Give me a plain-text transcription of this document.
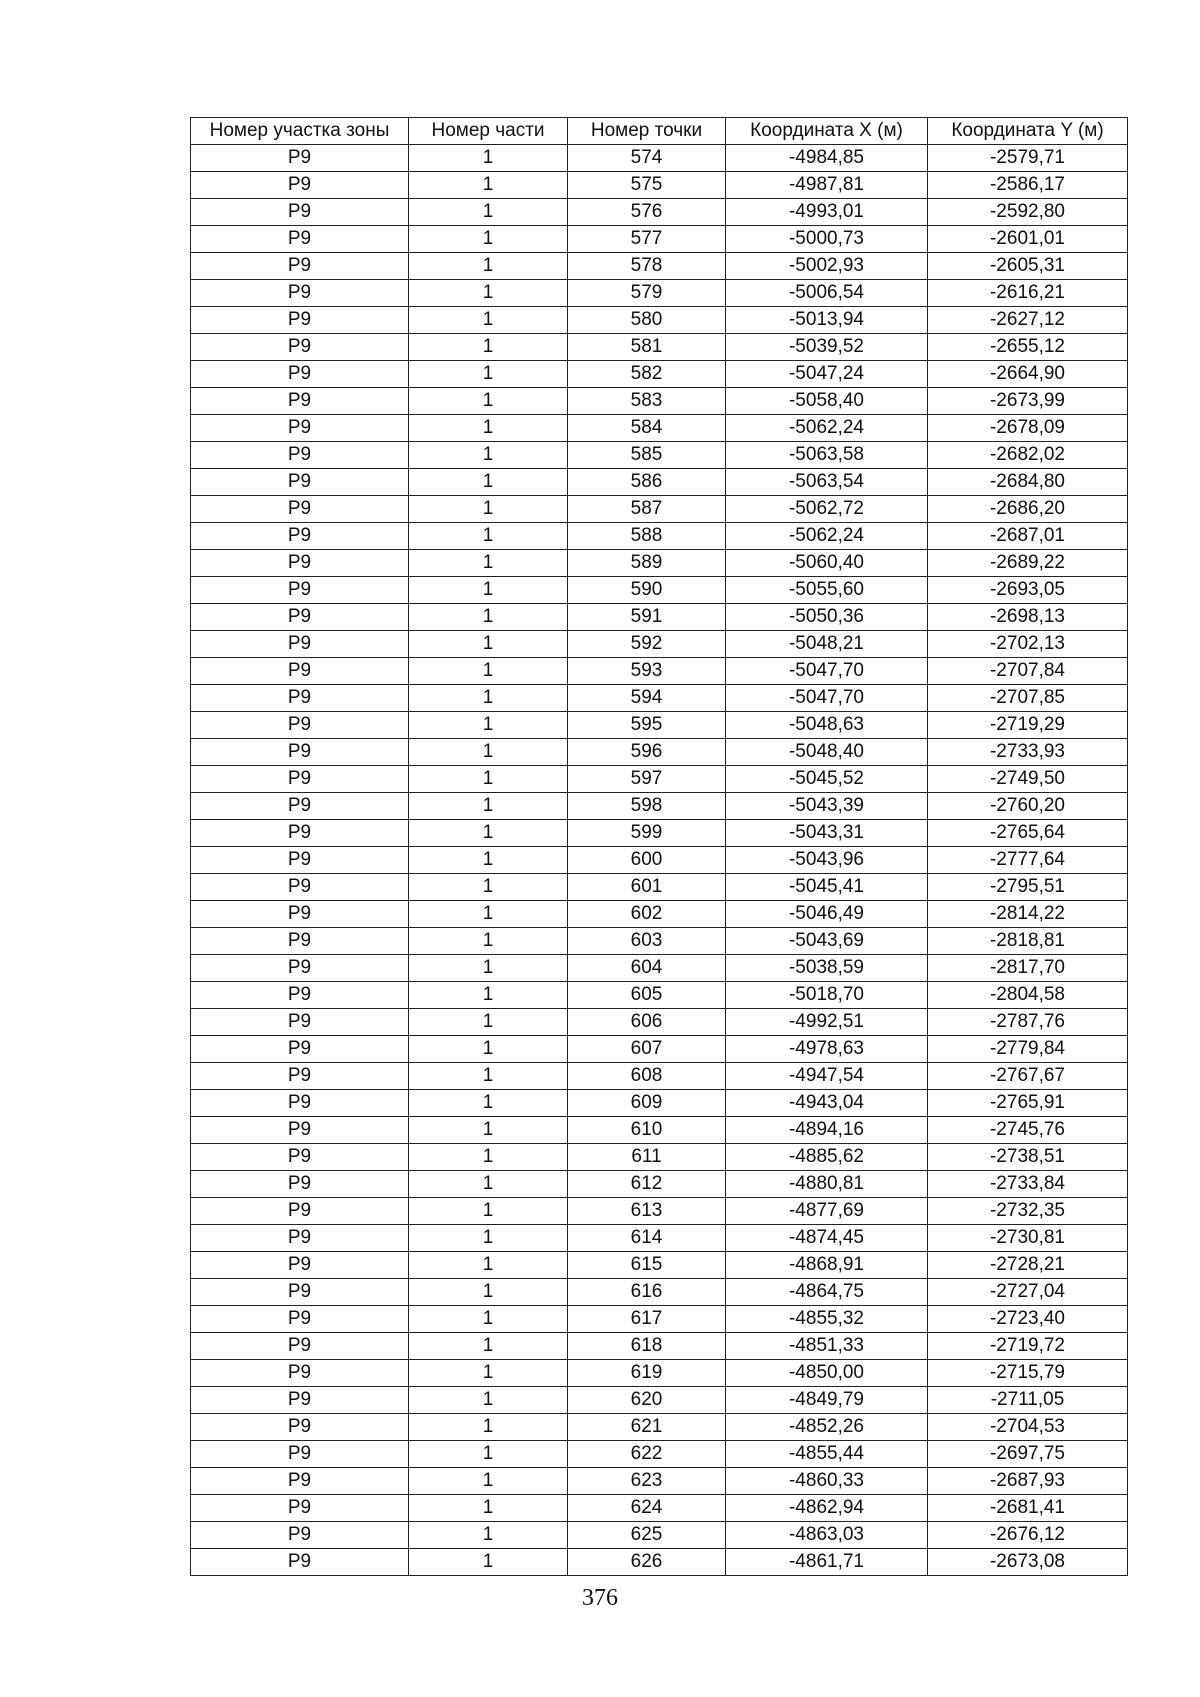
Номер участка зоны	Номер части	Номер точки	Координата X (м)	Координата Y (м)
Р9	1	574	-4984,85	-2579,71
Р9	1	575	-4987,81	-2586,17
Р9	1	576	-4993,01	-2592,80
Р9	1	577	-5000,73	-2601,01
Р9	1	578	-5002,93	-2605,31
Р9	1	579	-5006,54	-2616,21
Р9	1	580	-5013,94	-2627,12
Р9	1	581	-5039,52	-2655,12
Р9	1	582	-5047,24	-2664,90
Р9	1	583	-5058,40	-2673,99
Р9	1	584	-5062,24	-2678,09
Р9	1	585	-5063,58	-2682,02
Р9	1	586	-5063,54	-2684,80
Р9	1	587	-5062,72	-2686,20
Р9	1	588	-5062,24	-2687,01
Р9	1	589	-5060,40	-2689,22
Р9	1	590	-5055,60	-2693,05
Р9	1	591	-5050,36	-2698,13
Р9	1	592	-5048,21	-2702,13
Р9	1	593	-5047,70	-2707,84
Р9	1	594	-5047,70	-2707,85
Р9	1	595	-5048,63	-2719,29
Р9	1	596	-5048,40	-2733,93
Р9	1	597	-5045,52	-2749,50
Р9	1	598	-5043,39	-2760,20
Р9	1	599	-5043,31	-2765,64
Р9	1	600	-5043,96	-2777,64
Р9	1	601	-5045,41	-2795,51
Р9	1	602	-5046,49	-2814,22
Р9	1	603	-5043,69	-2818,81
Р9	1	604	-5038,59	-2817,70
Р9	1	605	-5018,70	-2804,58
Р9	1	606	-4992,51	-2787,76
Р9	1	607	-4978,63	-2779,84
Р9	1	608	-4947,54	-2767,67
Р9	1	609	-4943,04	-2765,91
Р9	1	610	-4894,16	-2745,76
Р9	1	611	-4885,62	-2738,51
Р9	1	612	-4880,81	-2733,84
Р9	1	613	-4877,69	-2732,35
Р9	1	614	-4874,45	-2730,81
Р9	1	615	-4868,91	-2728,21
Р9	1	616	-4864,75	-2727,04
Р9	1	617	-4855,32	-2723,40
Р9	1	618	-4851,33	-2719,72
Р9	1	619	-4850,00	-2715,79
Р9	1	620	-4849,79	-2711,05
Р9	1	621	-4852,26	-2704,53
Р9	1	622	-4855,44	-2697,75
Р9	1	623	-4860,33	-2687,93
Р9	1	624	-4862,94	-2681,41
Р9	1	625	-4863,03	-2676,12
Р9	1	626	-4861,71	-2673,08
376
